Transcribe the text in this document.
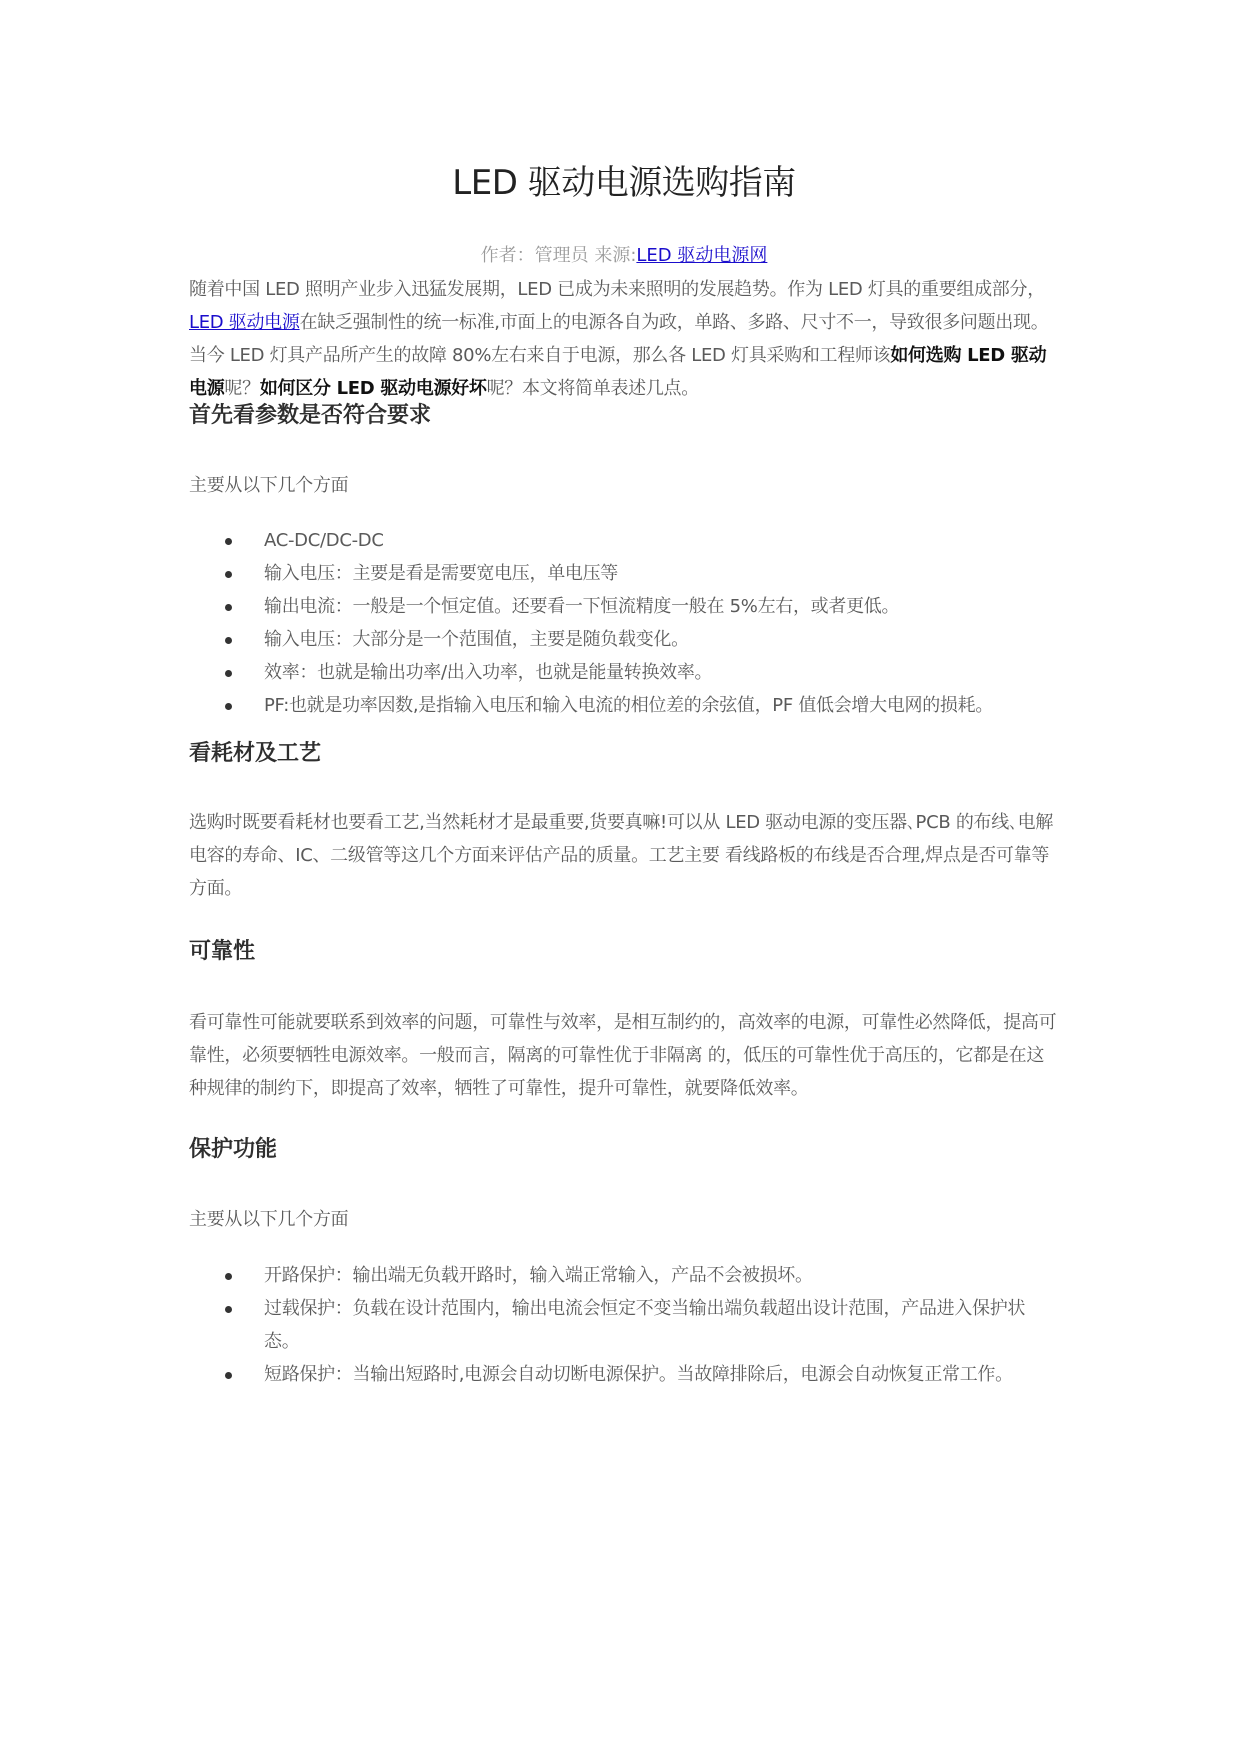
LED 驱动电源选购指南
作者：管理员 来源:LED 驱动电源网
随着中国 LED 照明产业步入迅猛发展期，LED 已成为未来照明的发展趋势。作为 LED 灯具的重要组成部分，LED 驱动电源在缺乏强制性的统一标准,市面上的电源各自为政，单路、多路、尺寸不一，导致很多问题出现。当今 LED 灯具产品所产生的故障 80%左右来自于电源，那么各 LED 灯具采购和工程师该如何选购 LED 驱动电源呢？如何区分 LED 驱动电源好坏呢？本文将简单表述几点。
首先看参数是否符合要求
主要从以下几个方面
AC-DC/DC-DC
输入电压：主要是看是需要宽电压，单电压等
输出电流：一般是一个恒定值。还要看一下恒流精度一般在 5%左右，或者更低。
输入电压：大部分是一个范围值，主要是随负载变化。
效率：也就是输出功率/出入功率，也就是能量转换效率。
PF:也就是功率因数,是指输入电压和输入电流的相位差的余弦值，PF 值低会增大电网的损耗。
看耗材及工艺
选购时既要看耗材也要看工艺,当然耗材才是最重要,货要真嘛!可以从 LED 驱动电源的变压器､PCB 的布线､电解电容的寿命、IC、二级管等这几个方面来评估产品的质量。工艺主要 看线路板的布线是否合理,焊点是否可靠等方面。
可靠性
看可靠性可能就要联系到效率的问题，可靠性与效率，是相互制约的，高效率的电源，可靠性必然降低，提高可靠性，必须要牺牲电源效率。一般而言，隔离的可靠性优于非隔离 的，低压的可靠性优于高压的，它都是在这种规律的制约下，即提高了效率，牺牲了可靠性，提升可靠性，就要降低效率。
保护功能
主要从以下几个方面
开路保护：输出端无负载开路时，输入端正常输入，产品不会被损坏。
过载保护：负载在设计范围内，输出电流会恒定不变当输出端负载超出设计范围，产品进入保护状态。
短路保护：当输出短路时,电源会自动切断电源保护。当故障排除后，电源会自动恢复正常工作。
